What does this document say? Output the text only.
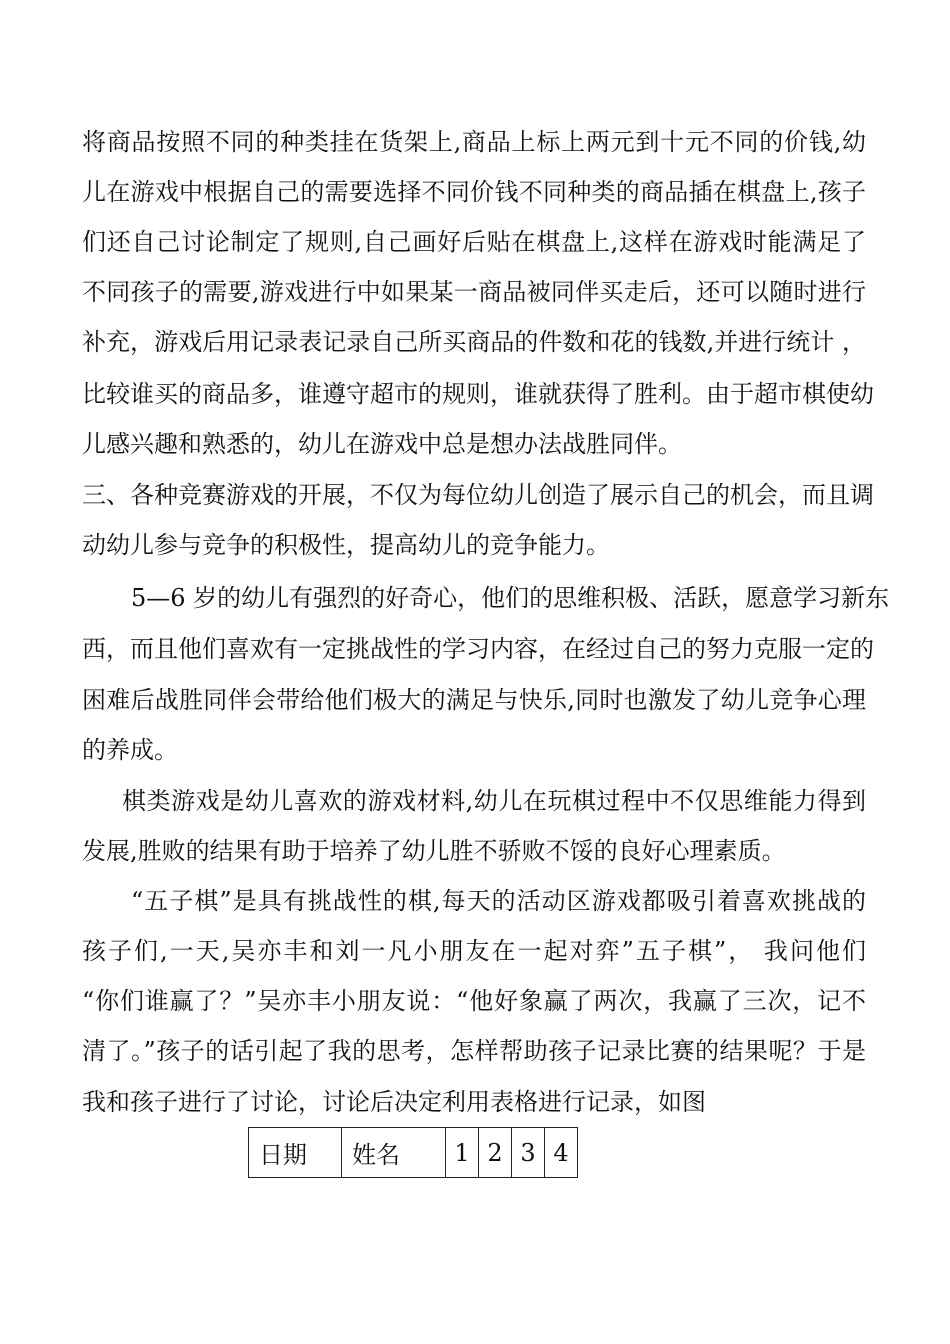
将商品按照不同的种类挂在货架上,商品上标上两元到十元不同的价钱,幼
儿在游戏中根据自己的需要选择不同价钱不同种类的商品插在棋盘上,孩子
们还自己讨论制定了规则,自己画好后贴在棋盘上,这样在游戏时能满足了
不同孩子的需要,游戏进行中如果某一商品被同伴买走后，还可以随时进行
补充，游戏后用记录表记录自己所买商品的件数和花的钱数,并进行统计 ，
比较谁买的商品多，谁遵守超市的规则，谁就获得了胜利。由于超市棋使幼
儿感兴趣和熟悉的，幼儿在游戏中总是想办法战胜同伴。
三、各种竞赛游戏的开展，不仅为每位幼儿创造了展示自己的机会，而且调
动幼儿参与竞争的积极性，提高幼儿的竞争能力。
5—6 岁的幼儿有强烈的好奇心，他们的思维积极、活跃，愿意学习新东
西，而且他们喜欢有一定挑战性的学习内容，在经过自己的努力克服一定的
困难后战胜同伴会带给他们极大的满足与快乐,同时也激发了幼儿竞争心理
的养成。
棋类游戏是幼儿喜欢的游戏材料,幼儿在玩棋过程中不仅思维能力得到
发展,胜败的结果有助于培养了幼儿胜不骄败不馁的良好心理素质。
“五子棋”是具有挑战性的棋,每天的活动区游戏都吸引着喜欢挑战的
孩子们,一天,吴亦丰和刘一凡小朋友在一起对弈”五子棋”， 我问他们
“你们谁赢了？”吴亦丰小朋友说：“他好象赢了两次，我赢了三次，记不
清了。”孩子的话引起了我的思考，怎样帮助孩子记录比赛的结果呢？于是
我和孩子进行了讨论，讨论后决定利用表格进行记录，如图
日期	姓名	1	2	3	4
